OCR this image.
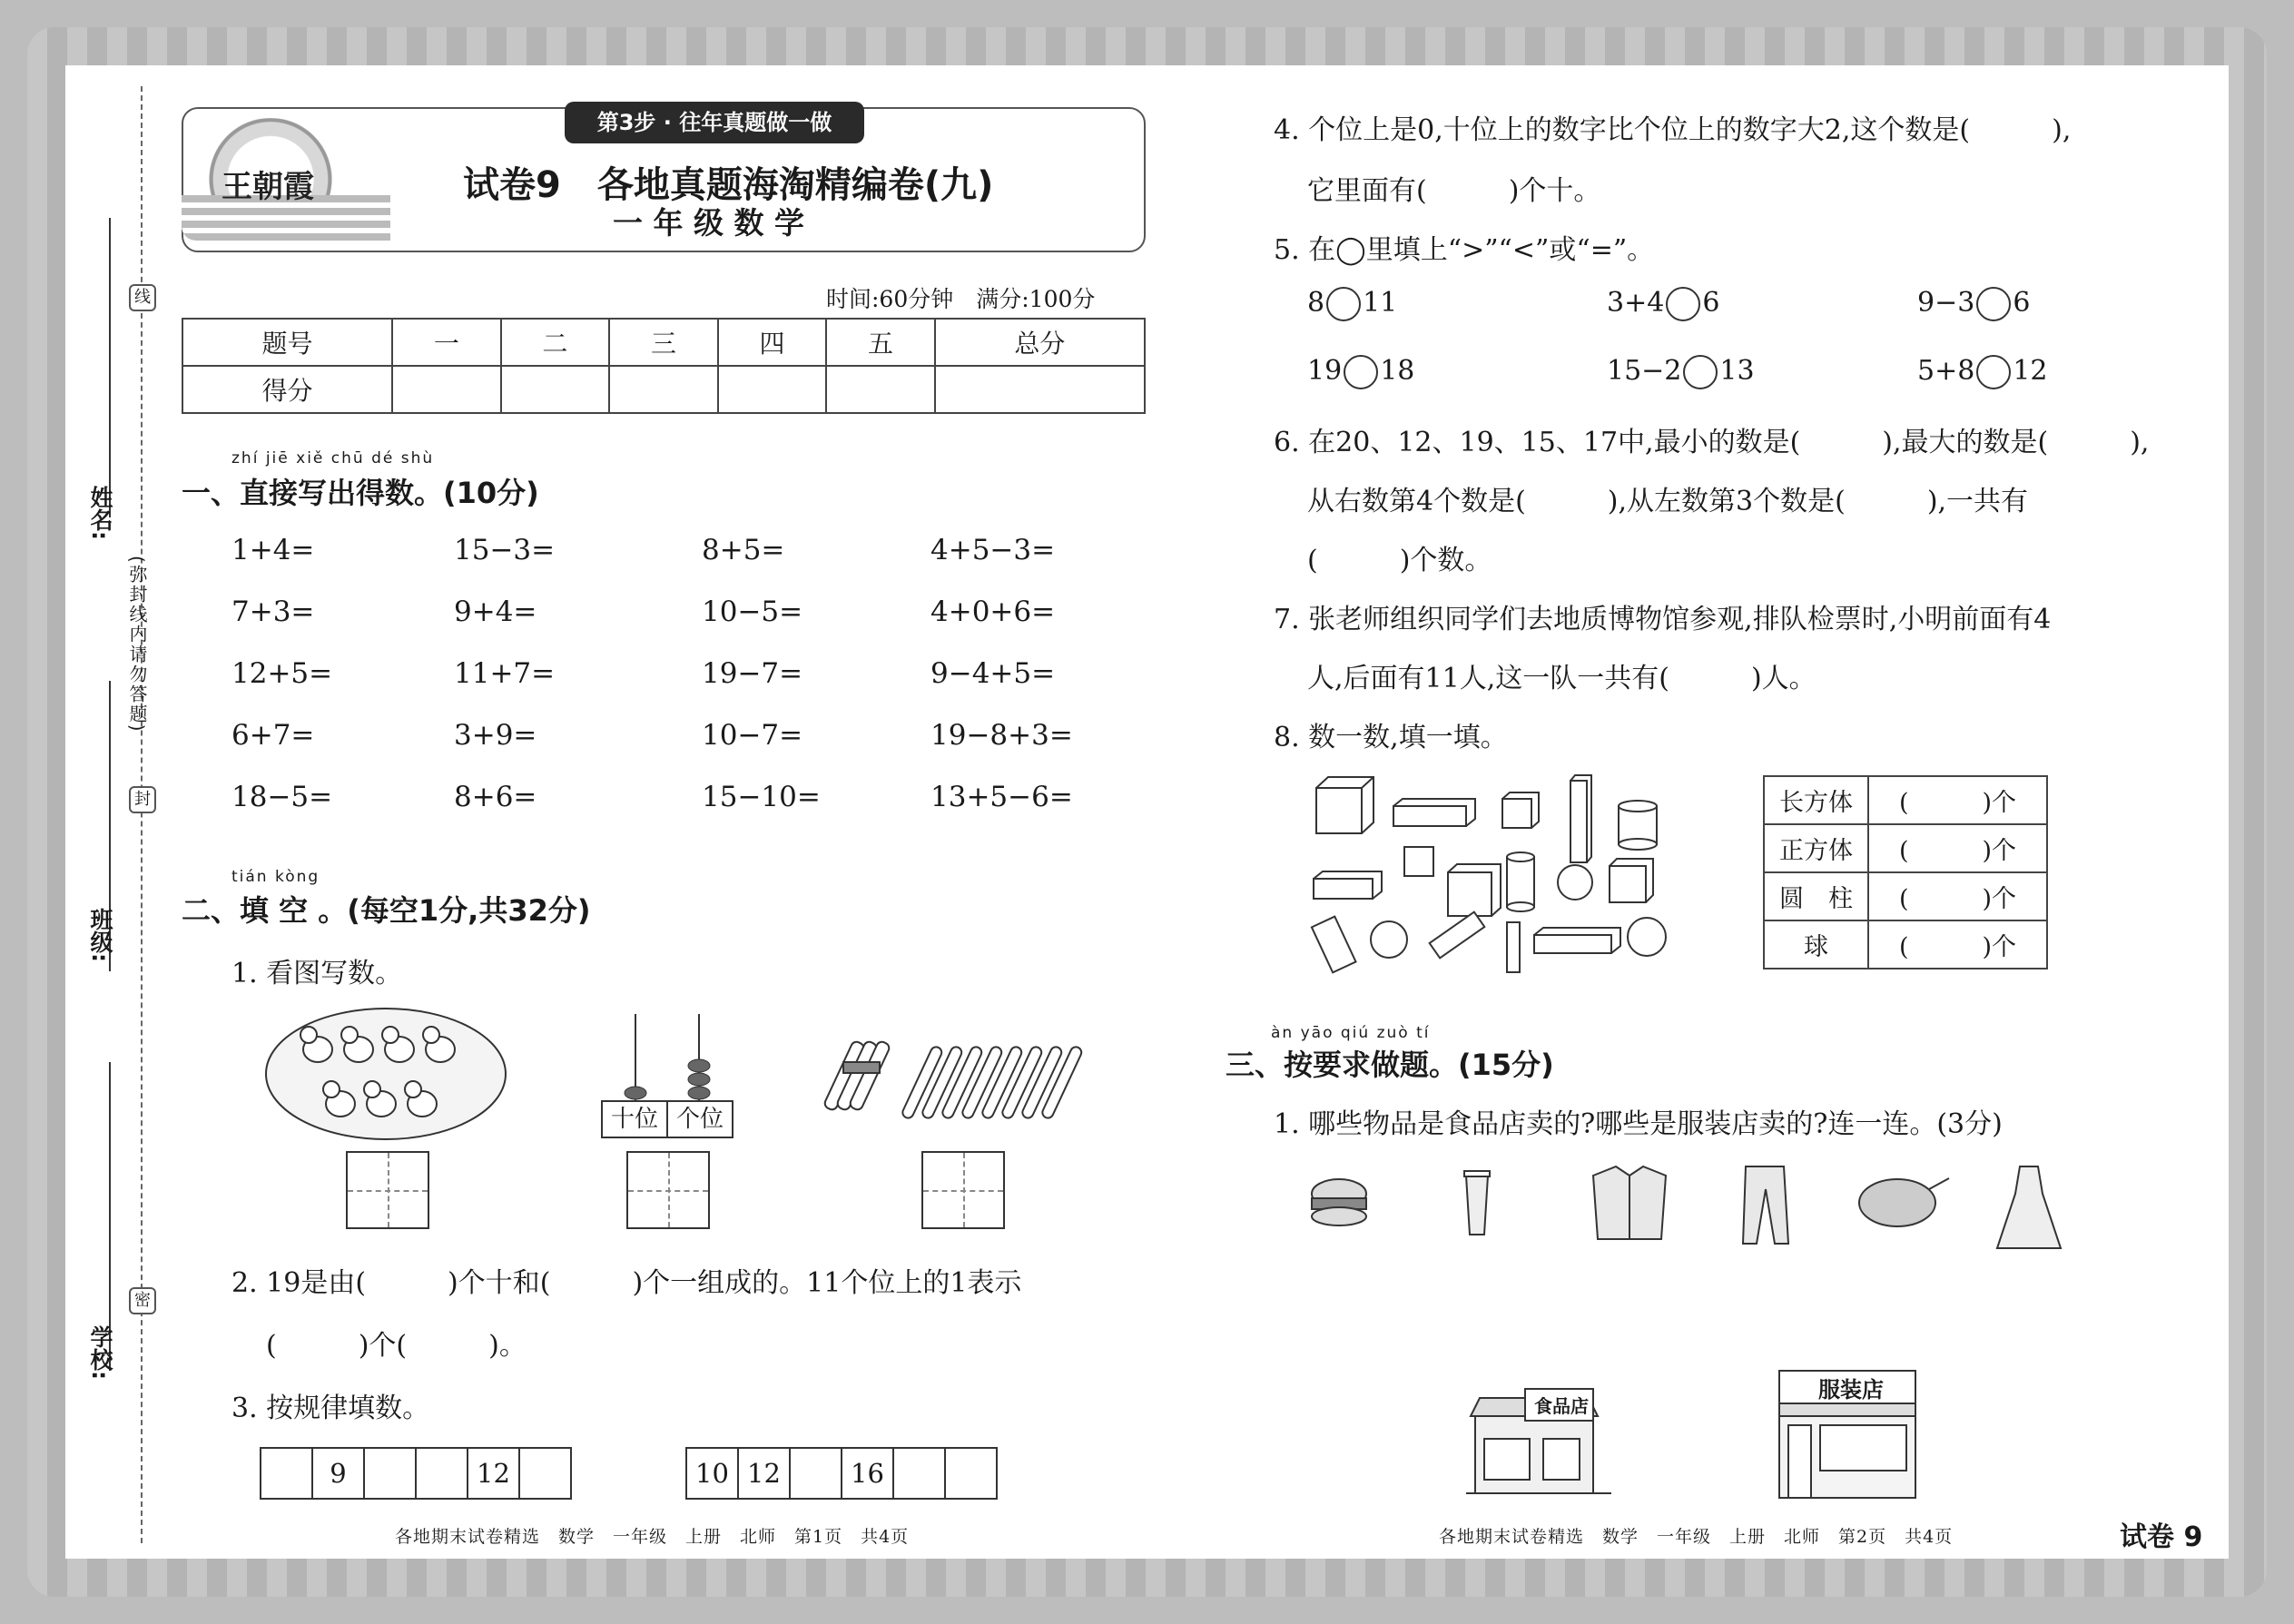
线
封
密
(弥封线内请勿答题)
姓名:
班级:
学校:
第3步 · 往年真题做一做
王朝霞	试卷9　各地真题海淘精编卷(九)
一 年 级 数 学
时间:60分钟　满分:100分
题号	一	二	三	四	五	总分
得分						
zhí jiē xiě chū dé shù
一、直接写出得数。(10分)
1+4=	15−3=	8+5=	4+5−3=
7+3=	9+4=	10−5=	4+0+6=
12+5=	11+7=	19−7=	9−4+5=
6+7=	3+9=	10−7=	19−8+3=
18−5=	8+6=	15−10=	13+5−6=
tián kòng
二、填 空 。(每空1分,共32分)
1. 看图写数。
十位 个位
2. 19是由(　　　)个十和(　　　)个一组成的。11个位上的1表示
(　　　)个(　　　)。
3. 按规律填数。
9	12	10 12	16
各地期末试卷精选　数学　一年级　上册　北师　第1页　共4页
4. 个位上是0,十位上的数字比个位上的数字大2,这个数是(　　　),
它里面有(　　　)个十。
5. 在◯里填上“>”“<”或“=”。
8 11	3+4 6	9−3 6
19 18	15−2 13	5+8 12
6. 在20、12、19、15、17中,最小的数是(　　　),最大的数是(　　　),
从右数第4个数是(　　　),从左数第3个数是(　　　),一共有
(　　　)个数。
7. 张老师组织同学们去地质博物馆参观,排队检票时,小明前面有4
人,后面有11人,这一队一共有(　　　)人。
8. 数一数,填一填。
长方体	(　　　)个
正方体	(　　　)个
圆　柱	(　　　)个
球	(　　　)个
àn yāo qiú zuò tí
三、按要求做题。(15分)
1. 哪些物品是食品店卖的?哪些是服装店卖的?连一连。(3分)
食品店
服装店
各地期末试卷精选　数学　一年级　上册　北师　第2页　共4页	试卷 9
